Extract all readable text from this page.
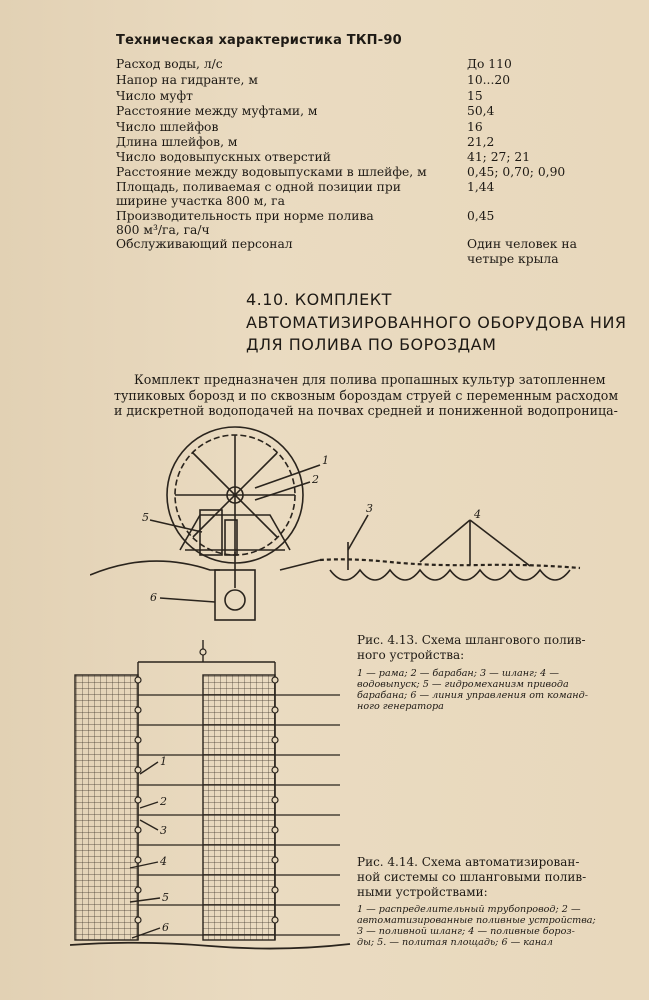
Техническая характеристика ТКП-90
Расход воды, л/с	До 110
Напор на гидранте, м	10...20
Число муфт	15
Расстояние между муфтами, м	50,4
Число шлейфов	16
Длина шлейфов, м	21,2
Число водовыпускных отверстий	41; 27; 21
Расстояние между водовыпусками в шлейфе, м	0,45; 0,70; 0,90
Площадь, поливаемая с одной позиции при	1,44
ширине участка 800 м, га
Производительность при норме полива	0,45
800 м³/га, га/ч
Обслуживающий персонал	Один человек на
четыре крыла
4.10. КОМПЛЕКТ
АВТОМАТИЗИРОВАННОГО ОБОРУДОВА НИЯ
ДЛЯ ПОЛИВА ПО БОРОЗДАМ
Комплект предназначен для полива пропашных культур затопленнем
тупиковых борозд и по сквозным бороздам струей с переменным расходом
и дискретной водоподачей на почвах средней и пониженной водопроница-
1
2
3	4
5
6
Рис. 4.13. Схема шлангового полив-
ного устройства:
1 — рама; 2 — барабан; 3 — шланг; 4 —
водовыпуск; 5 — гидромеханизм привода
барабана; 6 — линия управления от команд-
ного генератора
1
2
3
4
5
6
Рис. 4.14. Схема автоматизирован-
ной системы со шланговыми полив-
ными устройствами:
1 — распределительный трубопровод; 2 —
автоматизированные поливные устройства;
3 — поливной шланг; 4 — поливные бороз-
ды; 5. — политая площадь; 6 — канал
